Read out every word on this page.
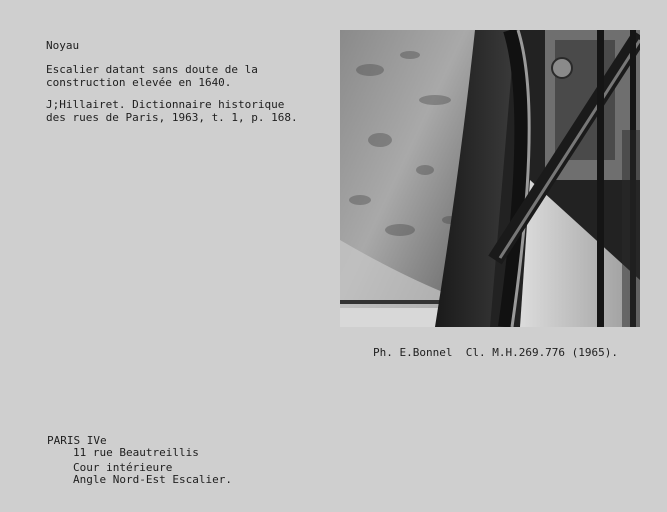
Noyau
Escalier datant sans doute de la
construction elevée en 1640.
J;Hillairet. Dictionnaire historique
des rues de Paris, 1963, t. 1, p. 168.
Ph. E.Bonnel  Cl. M.H.269.776 (1965).
PARIS IVe
11 rue Beautreillis
Cour intérieure
Angle Nord-Est Escalier.
